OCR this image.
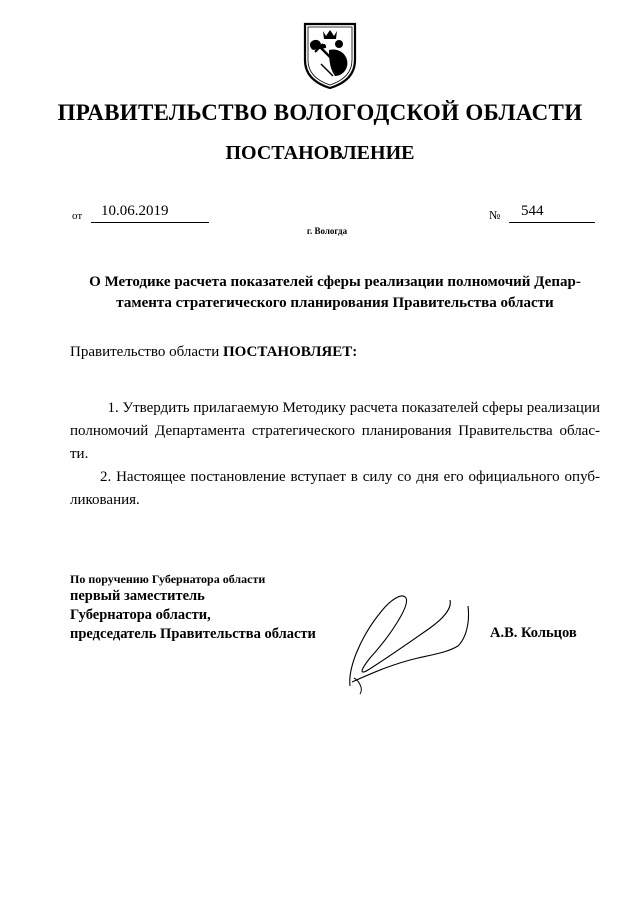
ПРАВИТЕЛЬСТВО ВОЛОГОДСКОЙ ОБЛАСТИ
ПОСТАНОВЛЕНИЕ
от	10.06.2019	№	544
г. Вологда
О Методике расчета показателей сферы реализации полномочий Депар-
тамента стратегического планирования Правительства области
Правительство области ПОСТАНОВЛЯЕТ:
1. Утвердить прилагаемую Методику расчета показателей сферы реализации
полномочий Департамента стратегического планирования Правительства облас-
ти.
2. Настоящее постановление вступает в силу со дня его официального опуб-
ликования.
По поручению Губернатора области
первый заместитель
Губернатора области,
председатель Правительства области	А.В. Кольцов
